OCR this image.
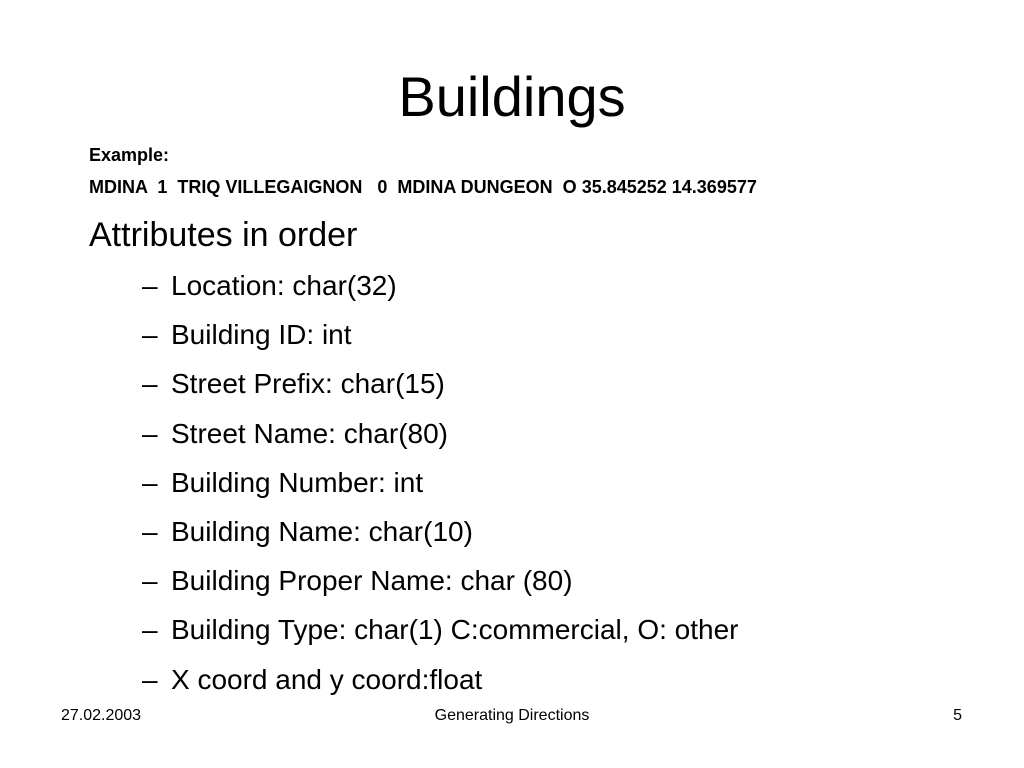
Buildings
Example:
MDINA  1  TRIQ VILLEGAIGNON   0  MDINA DUNGEON  O 35.845252 14.369577
Attributes in order
– Location: char(32)
– Building ID: int
– Street Prefix: char(15)
– Street Name: char(80)
– Building Number: int
– Building Name: char(10)
– Building Proper Name: char (80)
– Building Type: char(1) C:commercial, O: other
– X coord and y coord:float
27.02.2003	Generating Directions	5
